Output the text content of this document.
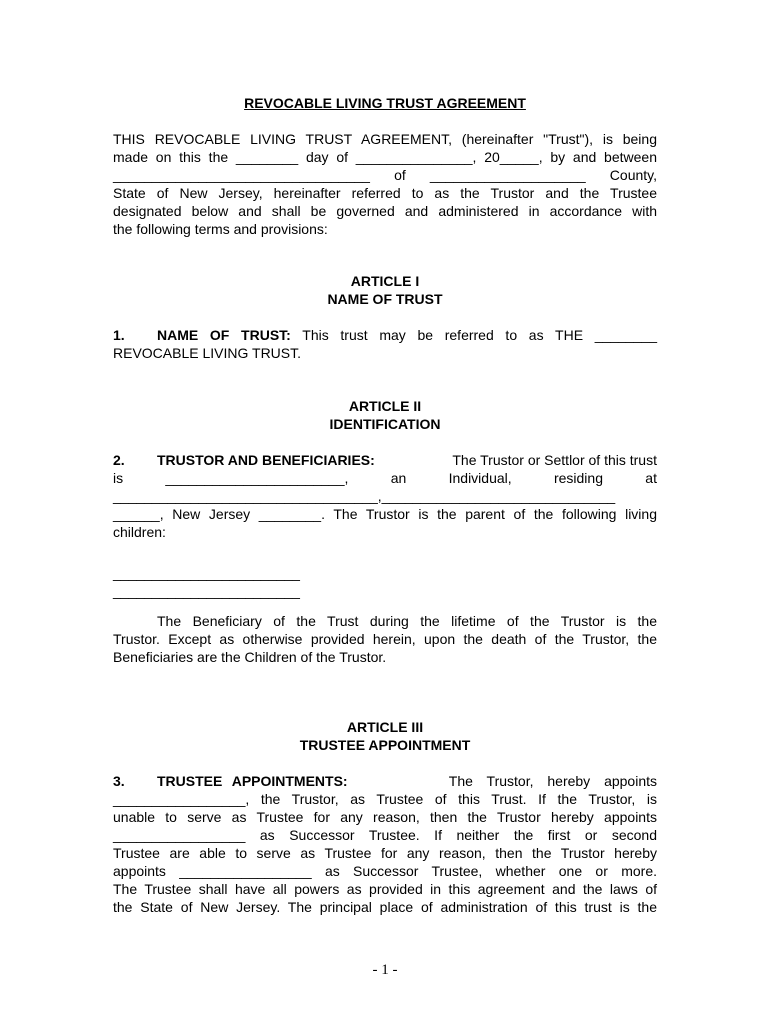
REVOCABLE LIVING TRUST AGREEMENT
THIS REVOCABLE LIVING TRUST AGREEMENT, (hereinafter "Trust"), is being
made on this the ________ day of _______________, 20_____, by and between
_________________________________ of ____________________ County,
State of New Jersey, hereinafter referred to as the Trustor and the Trustee
designated below and shall be governed and administered in accordance with
the following terms and provisions:
ARTICLE I
NAME OF TRUST
1. NAME OF TRUST: This trust may be referred to as THE ________
REVOCABLE LIVING TRUST.
ARTICLE II
IDENTIFICATION
2. TRUSTOR AND BENEFICIARIES:	The Trustor or Settlor of this trust
is    _______________________,    an    Individual,    residing    at
__________________________________,______________________________
______, New Jersey ________. The Trustor is the parent of the following living
children:
________________________
________________________
The Beneficiary of the Trust during the lifetime of the Trustor is the
Trustor. Except as otherwise provided herein, upon the death of the Trustor, the
Beneficiaries are the Children of the Trustor.
ARTICLE III
TRUSTEE APPOINTMENT
3. TRUSTEE APPOINTMENTS:	The Trustor, hereby appoints
_________________, the Trustor, as Trustee of this Trust. If the Trustor, is
unable to serve as Trustee for any reason, then the Trustor hereby appoints
_________________ as Successor Trustee. If neither the first or second
Trustee are able to serve as Trustee for any reason, then the Trustor hereby
appoints _________________ as Successor Trustee, whether one or more.
The Trustee shall have all powers as provided in this agreement and the laws of
the State of New Jersey. The principal place of administration of this trust is the
- 1 -
